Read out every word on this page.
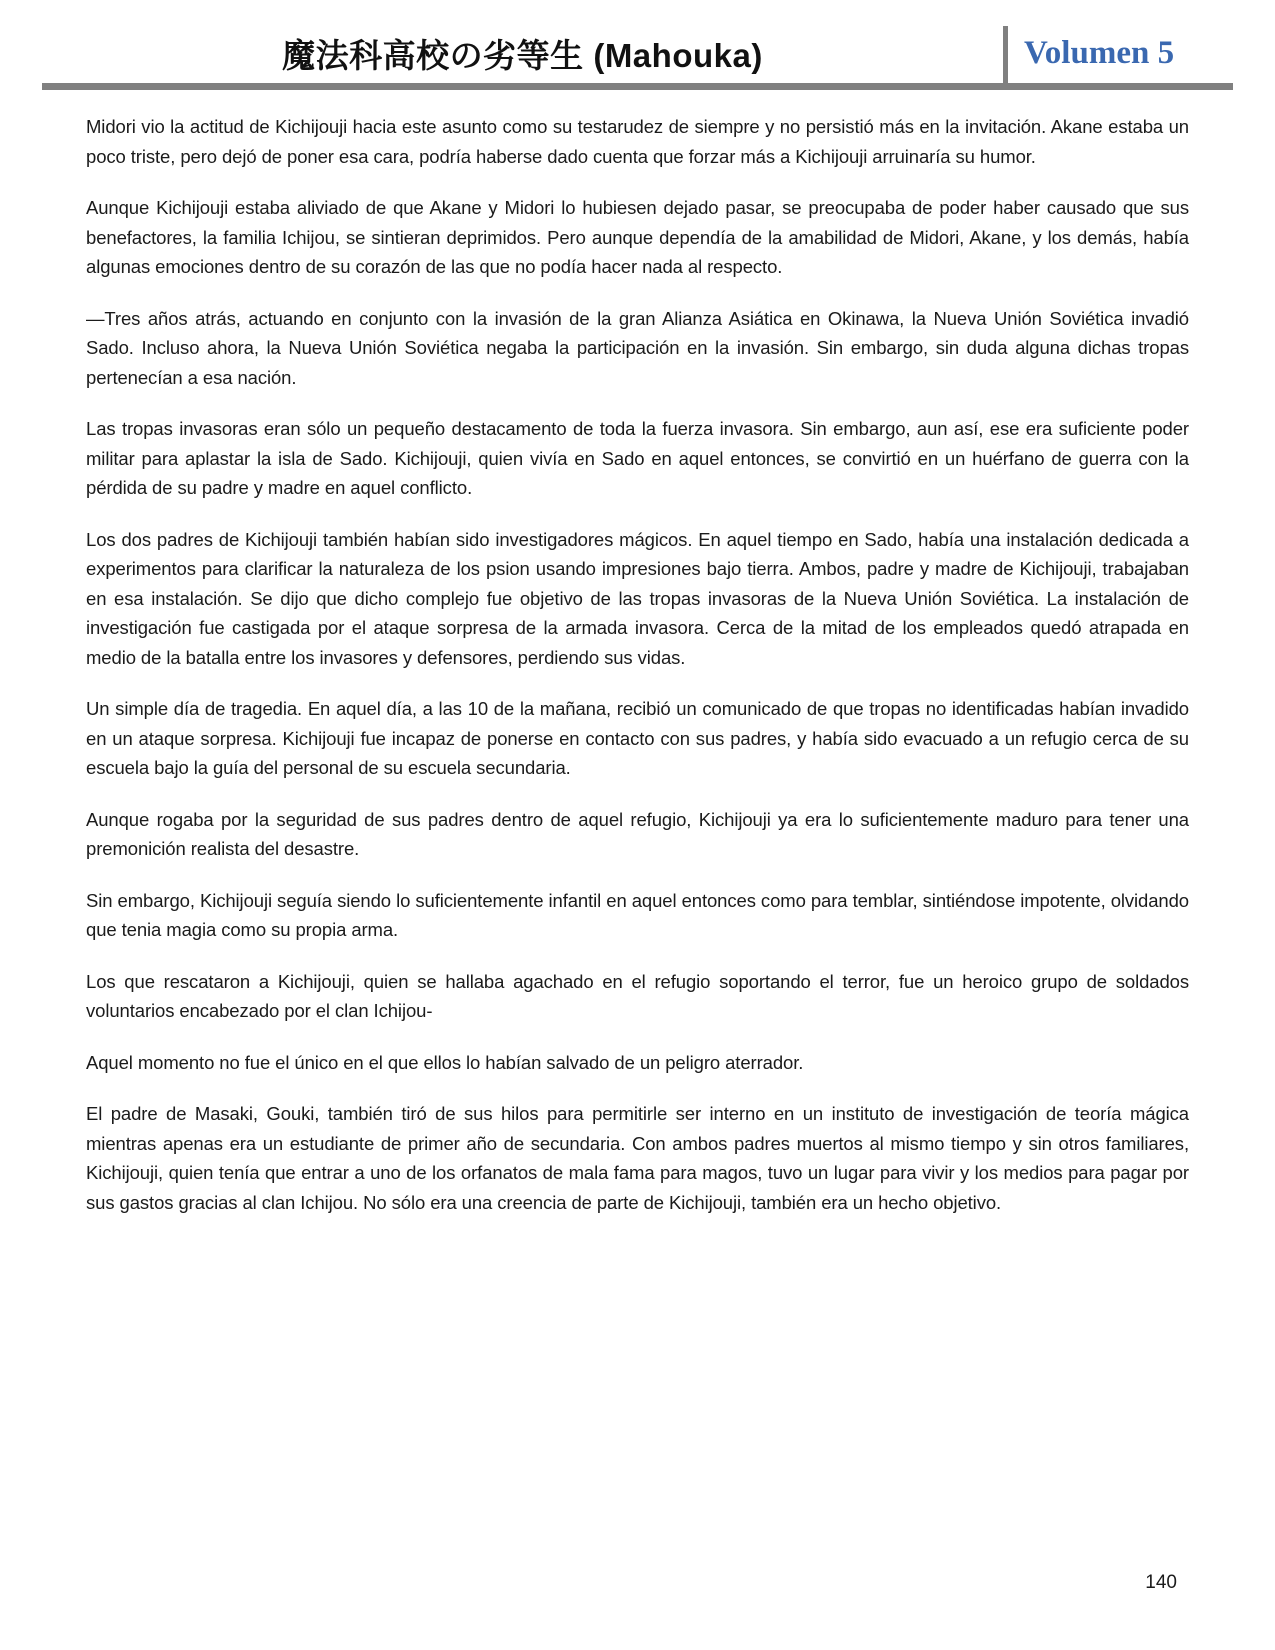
魔法科高校の劣等生 (Mahouka)	Volumen 5

Midori vio la actitud de Kichijouji hacia este asunto como su testarudez de siempre y no persistió más en la invitación. Akane estaba un poco triste, pero dejó de poner esa cara, podría haberse dado cuenta que forzar más a Kichijouji arruinaría su humor.

Aunque Kichijouji estaba aliviado de que Akane y Midori lo hubiesen dejado pasar, se preocupaba de poder haber causado que sus benefactores, la familia Ichijou, se sintieran deprimidos. Pero aunque dependía de la amabilidad de Midori, Akane, y los demás, había algunas emociones dentro de su corazón de las que no podía hacer nada al respecto.

—Tres años atrás, actuando en conjunto con la invasión de la gran Alianza Asiática en Okinawa, la Nueva Unión Soviética invadió Sado. Incluso ahora, la Nueva Unión Soviética negaba la participación en la invasión. Sin embargo, sin duda alguna dichas tropas pertenecían a esa nación.

Las tropas invasoras eran sólo un pequeño destacamento de toda la fuerza invasora. Sin embargo, aun así, ese era suficiente poder militar para aplastar la isla de Sado. Kichijouji, quien vivía en Sado en aquel entonces, se convirtió en un huérfano de guerra con la pérdida de su padre y madre en aquel conflicto.

Los dos padres de Kichijouji también habían sido investigadores mágicos. En aquel tiempo en Sado, había una instalación dedicada a experimentos para clarificar la naturaleza de los psion usando impresiones bajo tierra. Ambos, padre y madre de Kichijouji, trabajaban en esa instalación. Se dijo que dicho complejo fue objetivo de las tropas invasoras de la Nueva Unión Soviética. La instalación de investigación fue castigada por el ataque sorpresa de la armada invasora. Cerca de la mitad de los empleados quedó atrapada en medio de la batalla entre los invasores y defensores, perdiendo sus vidas.

Un simple día de tragedia. En aquel día, a las 10 de la mañana, recibió un comunicado de que tropas no identificadas habían invadido en un ataque sorpresa. Kichijouji fue incapaz de ponerse en contacto con sus padres, y había sido evacuado a un refugio cerca de su escuela bajo la guía del personal de su escuela secundaria.

Aunque rogaba por la seguridad de sus padres dentro de aquel refugio, Kichijouji ya era lo suficientemente maduro para tener una premonición realista del desastre.

Sin embargo, Kichijouji seguía siendo lo suficientemente infantil en aquel entonces como para temblar, sintiéndose impotente, olvidando que tenia magia como su propia arma.

Los que rescataron a Kichijouji, quien se hallaba agachado en el refugio soportando el terror, fue un heroico grupo de soldados voluntarios encabezado por el clan Ichijou-

Aquel momento no fue el único en el que ellos lo habían salvado de un peligro aterrador.

El padre de Masaki, Gouki, también tiró de sus hilos para permitirle ser interno en un instituto de investigación de teoría mágica mientras apenas era un estudiante de primer año de secundaria. Con ambos padres muertos al mismo tiempo y sin otros familiares, Kichijouji, quien tenía que entrar a uno de los orfanatos de mala fama para magos, tuvo un lugar para vivir y los medios para pagar por sus gastos gracias al clan Ichijou. No sólo era una creencia de parte de Kichijouji, también era un hecho objetivo.

140
